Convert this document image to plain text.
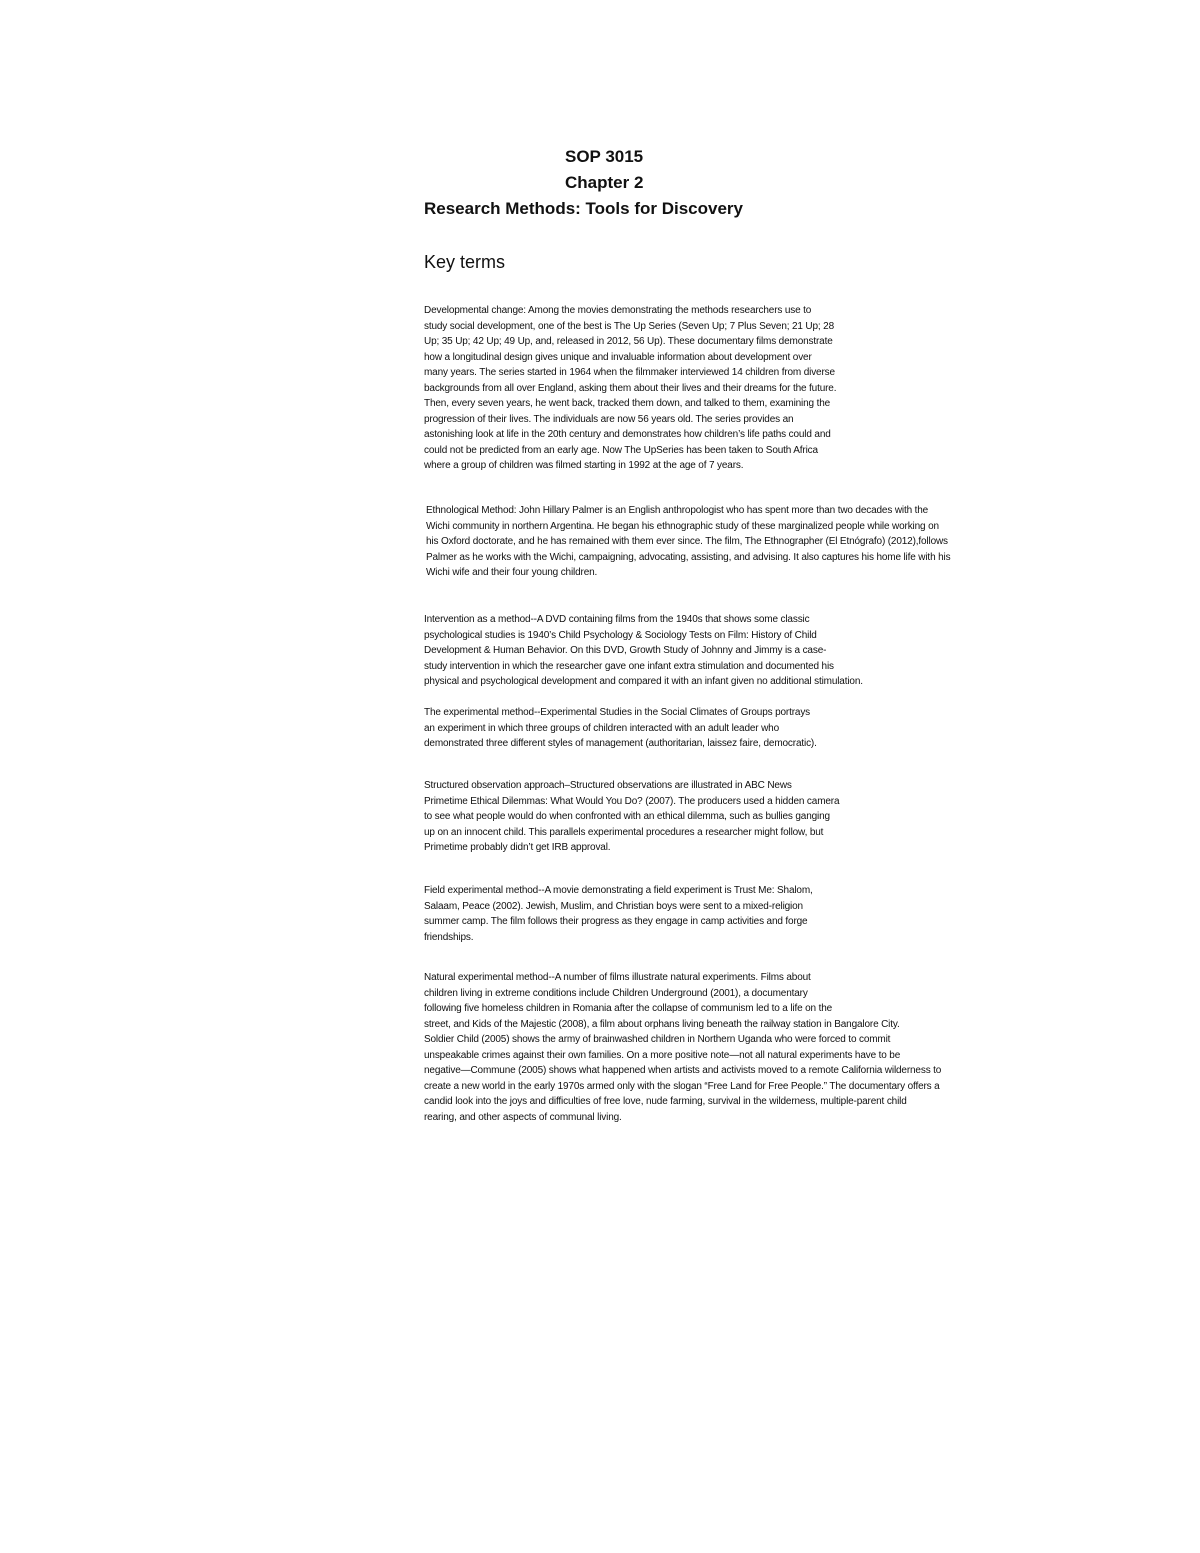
SOP 3015
Chapter 2
Research Methods: Tools for Discovery
Key terms
Developmental change: Among the movies demonstrating the methods researchers use to
study social development, one of the best is The Up Series (Seven Up; 7 Plus Seven; 21 Up; 28
Up; 35 Up; 42 Up; 49 Up, and, released in 2012, 56 Up). These documentary films demonstrate
how a longitudinal design gives unique and invaluable information about development over
many years. The series started in 1964 when the filmmaker interviewed 14 children from diverse
backgrounds from all over England, asking them about their lives and their dreams for the future.
Then, every seven years, he went back, tracked them down, and talked to them, examining the
progression of their lives. The individuals are now 56 years old. The series provides an
astonishing look at life in the 20th century and demonstrates how children’s life paths could and
could not be predicted from an early age. Now The UpSeries has been taken to South Africa
where a group of children was filmed starting in 1992 at the age of 7 years.
Ethnological Method: John Hillary Palmer is an English anthropologist who has spent more than two decades with the
Wichi community in northern Argentina. He began his ethnographic study of these marginalized people while working on
his Oxford doctorate, and he has remained with them ever since. The film, The Ethnographer (El Etnógrafo) (2012),follows
Palmer as he works with the Wichi, campaigning, advocating, assisting, and advising. It also captures his home life with his
Wichi wife and their four young children.
Intervention as a method--A DVD containing films from the 1940s that shows some classic
psychological studies is 1940’s Child Psychology & Sociology Tests on Film: History of Child
Development & Human Behavior. On this DVD, Growth Study of Johnny and Jimmy is a case-
study intervention in which the researcher gave one infant extra stimulation and documented his
physical and psychological development and compared it with an infant given no additional stimulation.
The experimental method--Experimental Studies in the Social Climates of Groups portrays
an experiment in which three groups of children interacted with an adult leader who
demonstrated three different styles of management (authoritarian, laissez faire, democratic).
Structured observation approach–Structured observations are illustrated in ABC News
Primetime Ethical Dilemmas: What Would You Do? (2007). The producers used a hidden camera
to see what people would do when confronted with an ethical dilemma, such as bullies ganging
up on an innocent child. This parallels experimental procedures a researcher might follow, but
Primetime probably didn’t get IRB approval.
Field experimental method--A movie demonstrating a field experiment is Trust Me: Shalom,
Salaam, Peace (2002). Jewish, Muslim, and Christian boys were sent to a mixed-religion
summer camp. The film follows their progress as they engage in camp activities and forge
friendships.
Natural experimental method--A number of films illustrate natural experiments. Films about
children living in extreme conditions include Children Underground (2001), a documentary
following five homeless children in Romania after the collapse of communism led to a life on the
street, and Kids of the Majestic (2008), a film about orphans living beneath the railway station in Bangalore City.
Soldier Child (2005) shows the army of brainwashed children in Northern Uganda who were forced to commit
unspeakable crimes against their own families. On a more positive note—not all natural experiments have to be
negative—Commune (2005) shows what happened when artists and activists moved to a remote California wilderness to
create a new world in the early 1970s armed only with the slogan “Free Land for Free People.” The documentary offers a
candid look into the joys and difficulties of free love, nude farming, survival in the wilderness, multiple-parent child
rearing, and other aspects of communal living.
